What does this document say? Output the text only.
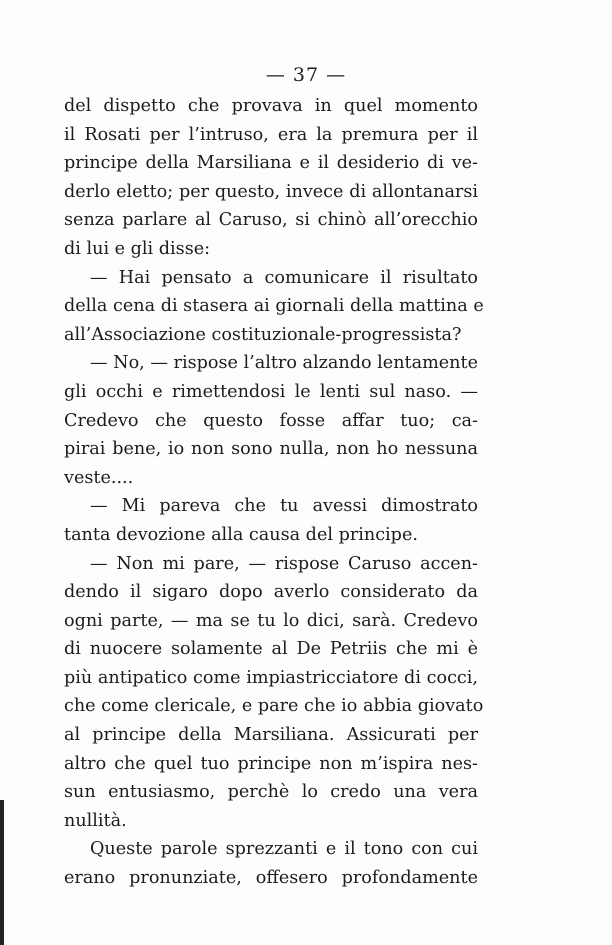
— 37 —
del dispetto che provava in quel momento
il Rosati per l’intruso, era la premura per il
principe della Marsiliana e il desiderio di ve-
derlo eletto; per questo, invece di allontanarsi
senza parlare al Caruso, si chinò all’orecchio
di lui e gli disse:
— Hai pensato a comunicare il risultato
della cena di stasera ai giornali della mattina e
all’Associazione costituzionale-progressista?
— No, — rispose l’altro alzando lentamente
gli occhi e rimettendosi le lenti sul naso. —
Credevo che questo fosse affar tuo; ca-
pirai bene, io non sono nulla, non ho nessuna
veste....
— Mi pareva che tu avessi dimostrato
tanta devozione alla causa del principe.
— Non mi pare, — rispose Caruso accen-
dendo il sigaro dopo averlo considerato da
ogni parte, — ma se tu lo dici, sarà. Credevo
di nuocere solamente al De Petriis che mi è
più antipatico come impiastricciatore di cocci,
che come clericale, e pare che io abbia giovato
al principe della Marsiliana. Assicurati per
altro che quel tuo principe non m’ispira nes-
sun entusiasmo, perchè lo credo una vera
nullità.
Queste parole sprezzanti e il tono con cui
erano pronunziate, offesero profondamente
